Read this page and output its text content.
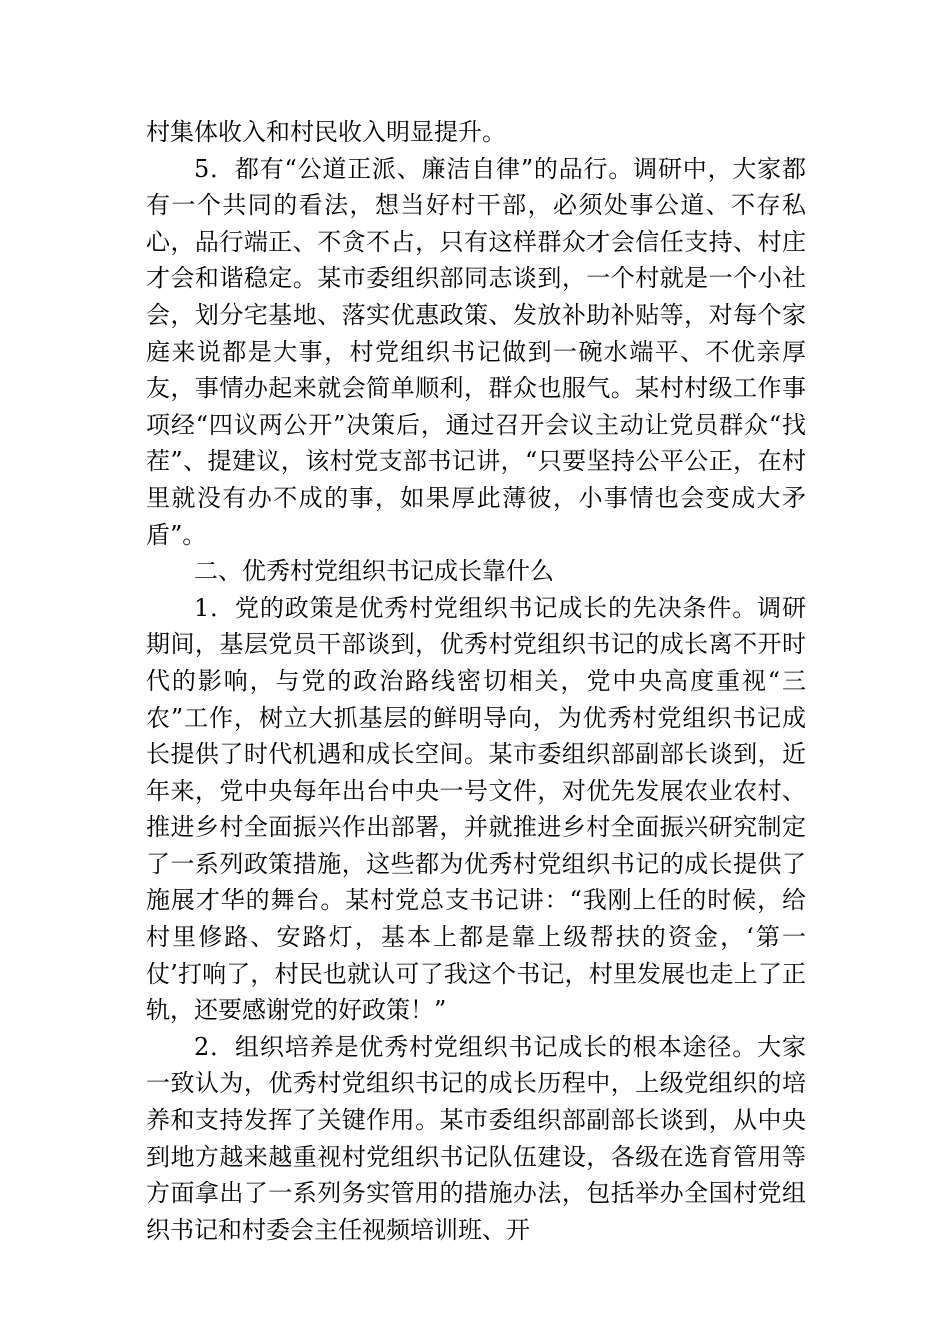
村集体收入和村民收入明显提升。

5．都有“公道正派、廉洁自律”的品行。调研中，大家都有一个共同的看法，想当好村干部，必须处事公道、不存私心，品行端正、不贪不占，只有这样群众才会信任支持、村庄才会和谐稳定。某市委组织部同志谈到，一个村就是一个小社会，划分宅基地、落实优惠政策、发放补助补贴等，对每个家庭来说都是大事，村党组织书记做到一碗水端平、不优亲厚友，事情办起来就会简单顺利，群众也服气。某村村级工作事项经“四议两公开”决策后，通过召开会议主动让党员群众“找茬”、提建议，该村党支部书记讲，“只要坚持公平公正，在村里就没有办不成的事，如果厚此薄彼，小事情也会变成大矛盾”。

二、优秀村党组织书记成长靠什么

1．党的政策是优秀村党组织书记成长的先决条件。调研期间，基层党员干部谈到，优秀村党组织书记的成长离不开时代的影响，与党的政治路线密切相关，党中央高度重视“三农”工作，树立大抓基层的鲜明导向，为优秀村党组织书记成长提供了时代机遇和成长空间。某市委组织部副部长谈到，近年来，党中央每年出台中央一号文件，对优先发展农业农村、推进乡村全面振兴作出部署，并就推进乡村全面振兴研究制定了一系列政策措施，这些都为优秀村党组织书记的成长提供了施展才华的舞台。某村党总支书记讲：“我刚上任的时候，给村里修路、安路灯，基本上都是靠上级帮扶的资金，‘第一仗’打响了，村民也就认可了我这个书记，村里发展也走上了正轨，还要感谢党的好政策！”

2．组织培养是优秀村党组织书记成长的根本途径。大家一致认为，优秀村党组织书记的成长历程中，上级党组织的培养和支持发挥了关键作用。某市委组织部副部长谈到，从中央到地方越来越重视村党组织书记队伍建设，各级在选育管用等方面拿出了一系列务实管用的措施办法，包括举办全国村党组织书记和村委会主任视频培训班、开
